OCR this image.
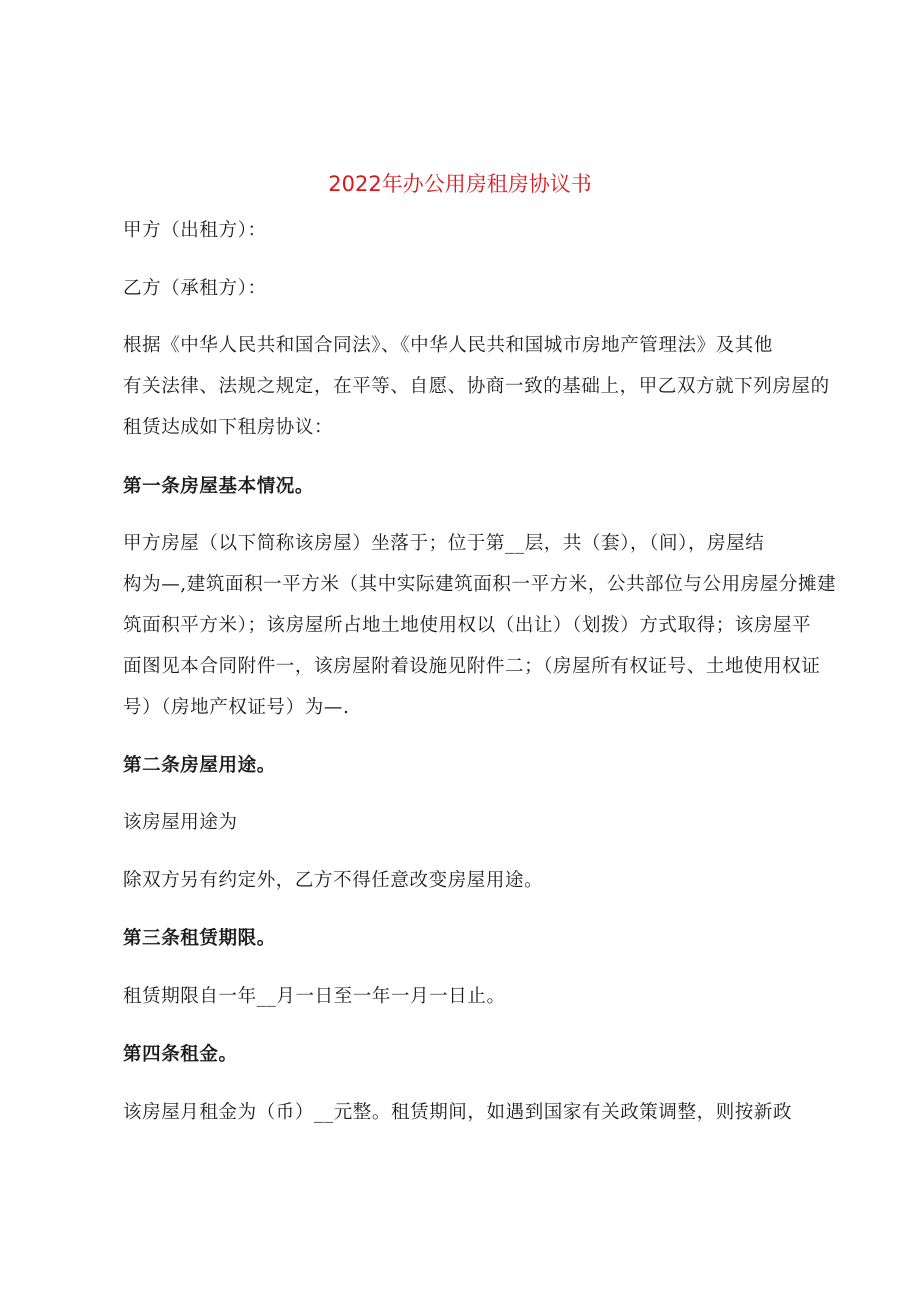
2022年办公用房租房协议书
甲方（出租方）：
乙方（承租方）：
根据《中华人民共和国合同法》、《中华人民共和国城市房地产管理法》及其他
有关法律、法规之规定，在平等、自愿、协商一致的基础上，甲乙双方就下列房屋的
租赁达成如下租房协议：
第一条房屋基本情况。
甲方房屋（以下简称该房屋）坐落于；位于第__层，共（套），（间），房屋结
构为—,建筑面积一平方米（其中实际建筑面积一平方米，公共部位与公用房屋分摊建
筑面积平方米）；该房屋所占地土地使用权以（出让）（划拨）方式取得；该房屋平
面图见本合同附件一，该房屋附着设施见附件二；（房屋所有权证号、土地使用权证
号）（房地产权证号）为—.
第二条房屋用途。
该房屋用途为
除双方另有约定外，乙方不得任意改变房屋用途。
第三条租赁期限。
租赁期限自一年__月一日至一年一月一日止。
第四条租金。
该房屋月租金为（币）__元整。租赁期间，如遇到国家有关政策调整，则按新政
